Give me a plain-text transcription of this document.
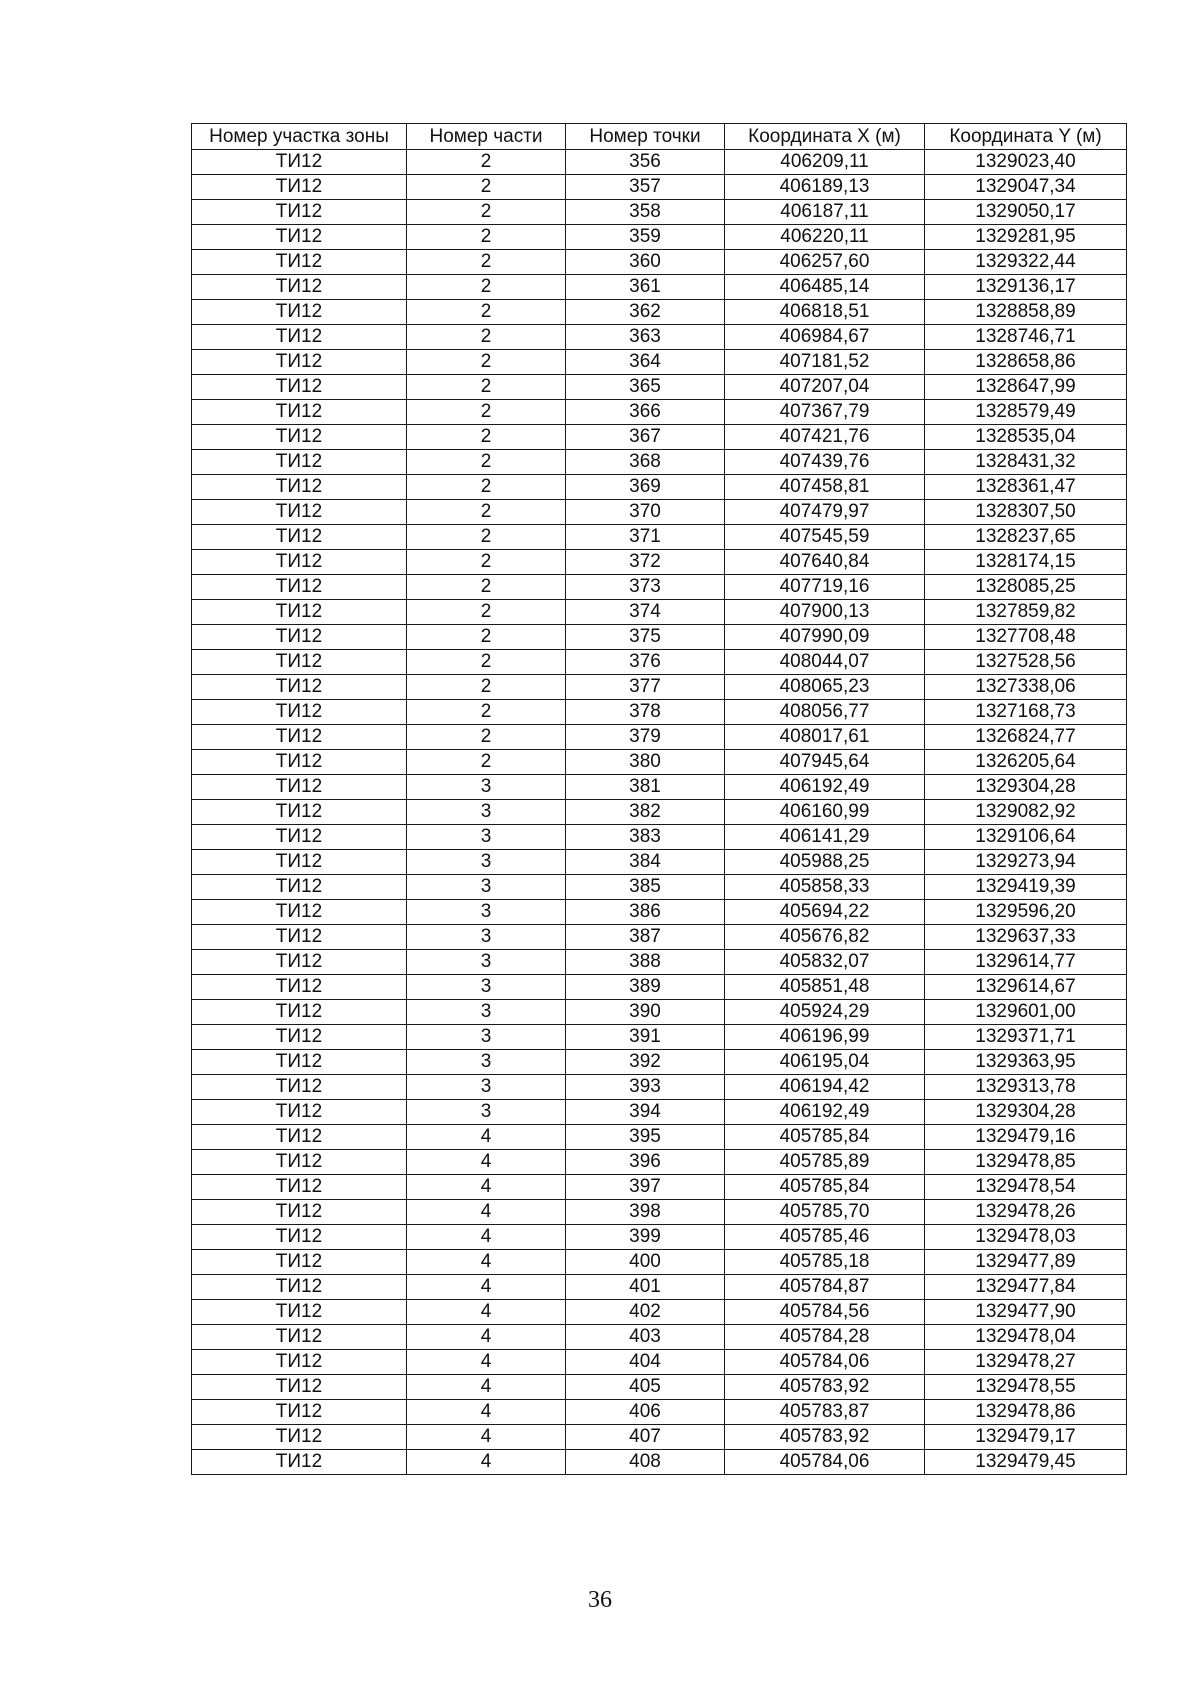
Номер участка зоны	Номер части	Номер точки	Координата X (м)	Координата Y (м)
ТИ12	2	356	406209,11	1329023,40
ТИ12	2	357	406189,13	1329047,34
ТИ12	2	358	406187,11	1329050,17
ТИ12	2	359	406220,11	1329281,95
ТИ12	2	360	406257,60	1329322,44
ТИ12	2	361	406485,14	1329136,17
ТИ12	2	362	406818,51	1328858,89
ТИ12	2	363	406984,67	1328746,71
ТИ12	2	364	407181,52	1328658,86
ТИ12	2	365	407207,04	1328647,99
ТИ12	2	366	407367,79	1328579,49
ТИ12	2	367	407421,76	1328535,04
ТИ12	2	368	407439,76	1328431,32
ТИ12	2	369	407458,81	1328361,47
ТИ12	2	370	407479,97	1328307,50
ТИ12	2	371	407545,59	1328237,65
ТИ12	2	372	407640,84	1328174,15
ТИ12	2	373	407719,16	1328085,25
ТИ12	2	374	407900,13	1327859,82
ТИ12	2	375	407990,09	1327708,48
ТИ12	2	376	408044,07	1327528,56
ТИ12	2	377	408065,23	1327338,06
ТИ12	2	378	408056,77	1327168,73
ТИ12	2	379	408017,61	1326824,77
ТИ12	2	380	407945,64	1326205,64
ТИ12	3	381	406192,49	1329304,28
ТИ12	3	382	406160,99	1329082,92
ТИ12	3	383	406141,29	1329106,64
ТИ12	3	384	405988,25	1329273,94
ТИ12	3	385	405858,33	1329419,39
ТИ12	3	386	405694,22	1329596,20
ТИ12	3	387	405676,82	1329637,33
ТИ12	3	388	405832,07	1329614,77
ТИ12	3	389	405851,48	1329614,67
ТИ12	3	390	405924,29	1329601,00
ТИ12	3	391	406196,99	1329371,71
ТИ12	3	392	406195,04	1329363,95
ТИ12	3	393	406194,42	1329313,78
ТИ12	3	394	406192,49	1329304,28
ТИ12	4	395	405785,84	1329479,16
ТИ12	4	396	405785,89	1329478,85
ТИ12	4	397	405785,84	1329478,54
ТИ12	4	398	405785,70	1329478,26
ТИ12	4	399	405785,46	1329478,03
ТИ12	4	400	405785,18	1329477,89
ТИ12	4	401	405784,87	1329477,84
ТИ12	4	402	405784,56	1329477,90
ТИ12	4	403	405784,28	1329478,04
ТИ12	4	404	405784,06	1329478,27
ТИ12	4	405	405783,92	1329478,55
ТИ12	4	406	405783,87	1329478,86
ТИ12	4	407	405783,92	1329479,17
ТИ12	4	408	405784,06	1329479,45
36
